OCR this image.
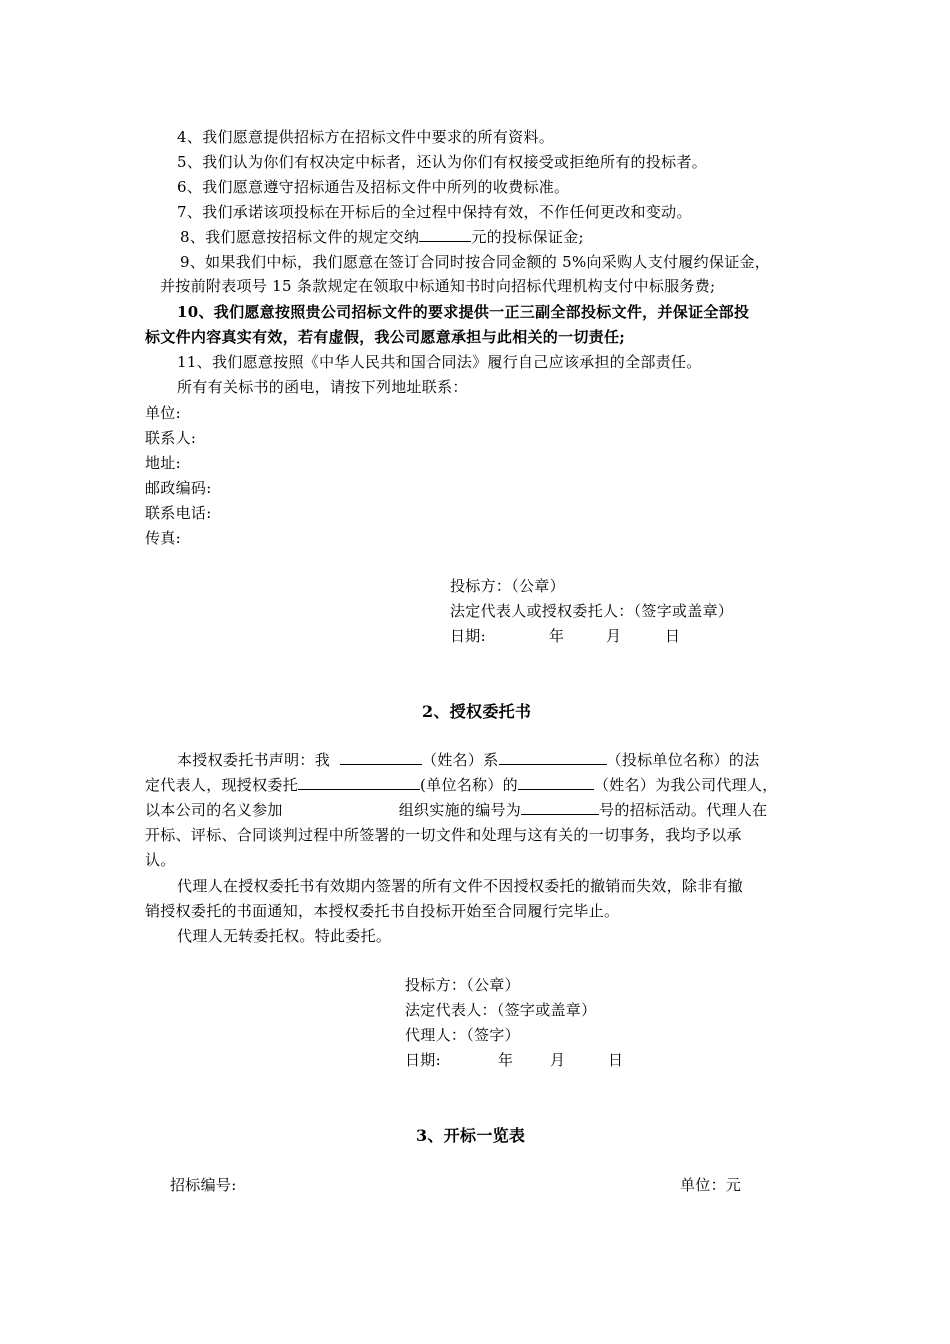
4、我们愿意提供招标方在招标文件中要求的所有资料。
5、我们认为你们有权决定中标者，还认为你们有权接受或拒绝所有的投标者。
6、我们愿意遵守招标通告及招标文件中所列的收费标准。
7、我们承诺该项投标在开标后的全过程中保持有效，不作任何更改和变动。
8、我们愿意按招标文件的规定交纳	元的投标保证金;
9、如果我们中标，我们愿意在签订合同时按合同金额的 5%向采购人支付履约保证金，
并按前附表项号 15 条款规定在领取中标通知书时向招标代理机构支付中标服务费;
10、我们愿意按照贵公司招标文件的要求提供一正三副全部投标文件，并保证全部投
标文件内容真实有效，若有虚假，我公司愿意承担与此相关的一切责任;
11、我们愿意按照《中华人民共和国合同法》履行自己应该承担的全部责任。
所有有关标书的函电，请按下列地址联系：
单位:
联系人:
地址:
邮政编码:
联系电话:
传真:
投标方：（公章）
法定代表人或授权委托人：（签字或盖章）
日期:	年	月	日
2、授权委托书
本授权委托书声明：我	（姓名）系	（投标单位名称）的法
定代表人，现授权委托	(单位名称）的	（姓名）为我公司代理人，
以本公司的名义参加	组织实施的编号为	号的招标活动。代理人在
开标、评标、合同谈判过程中所签署的一切文件和处理与这有关的一切事务，我均予以承
认。
代理人在授权委托书有效期内签署的所有文件不因授权委托的撤销而失效，除非有撤
销授权委托的书面通知，本授权委托书自投标开始至合同履行完毕止。
代理人无转委托权。特此委托。
投标方：（公章）
法定代表人：（签字或盖章）
代理人：（签字）
日期:	年 月	日
3、开标一览表
招标编号:	单位：元
